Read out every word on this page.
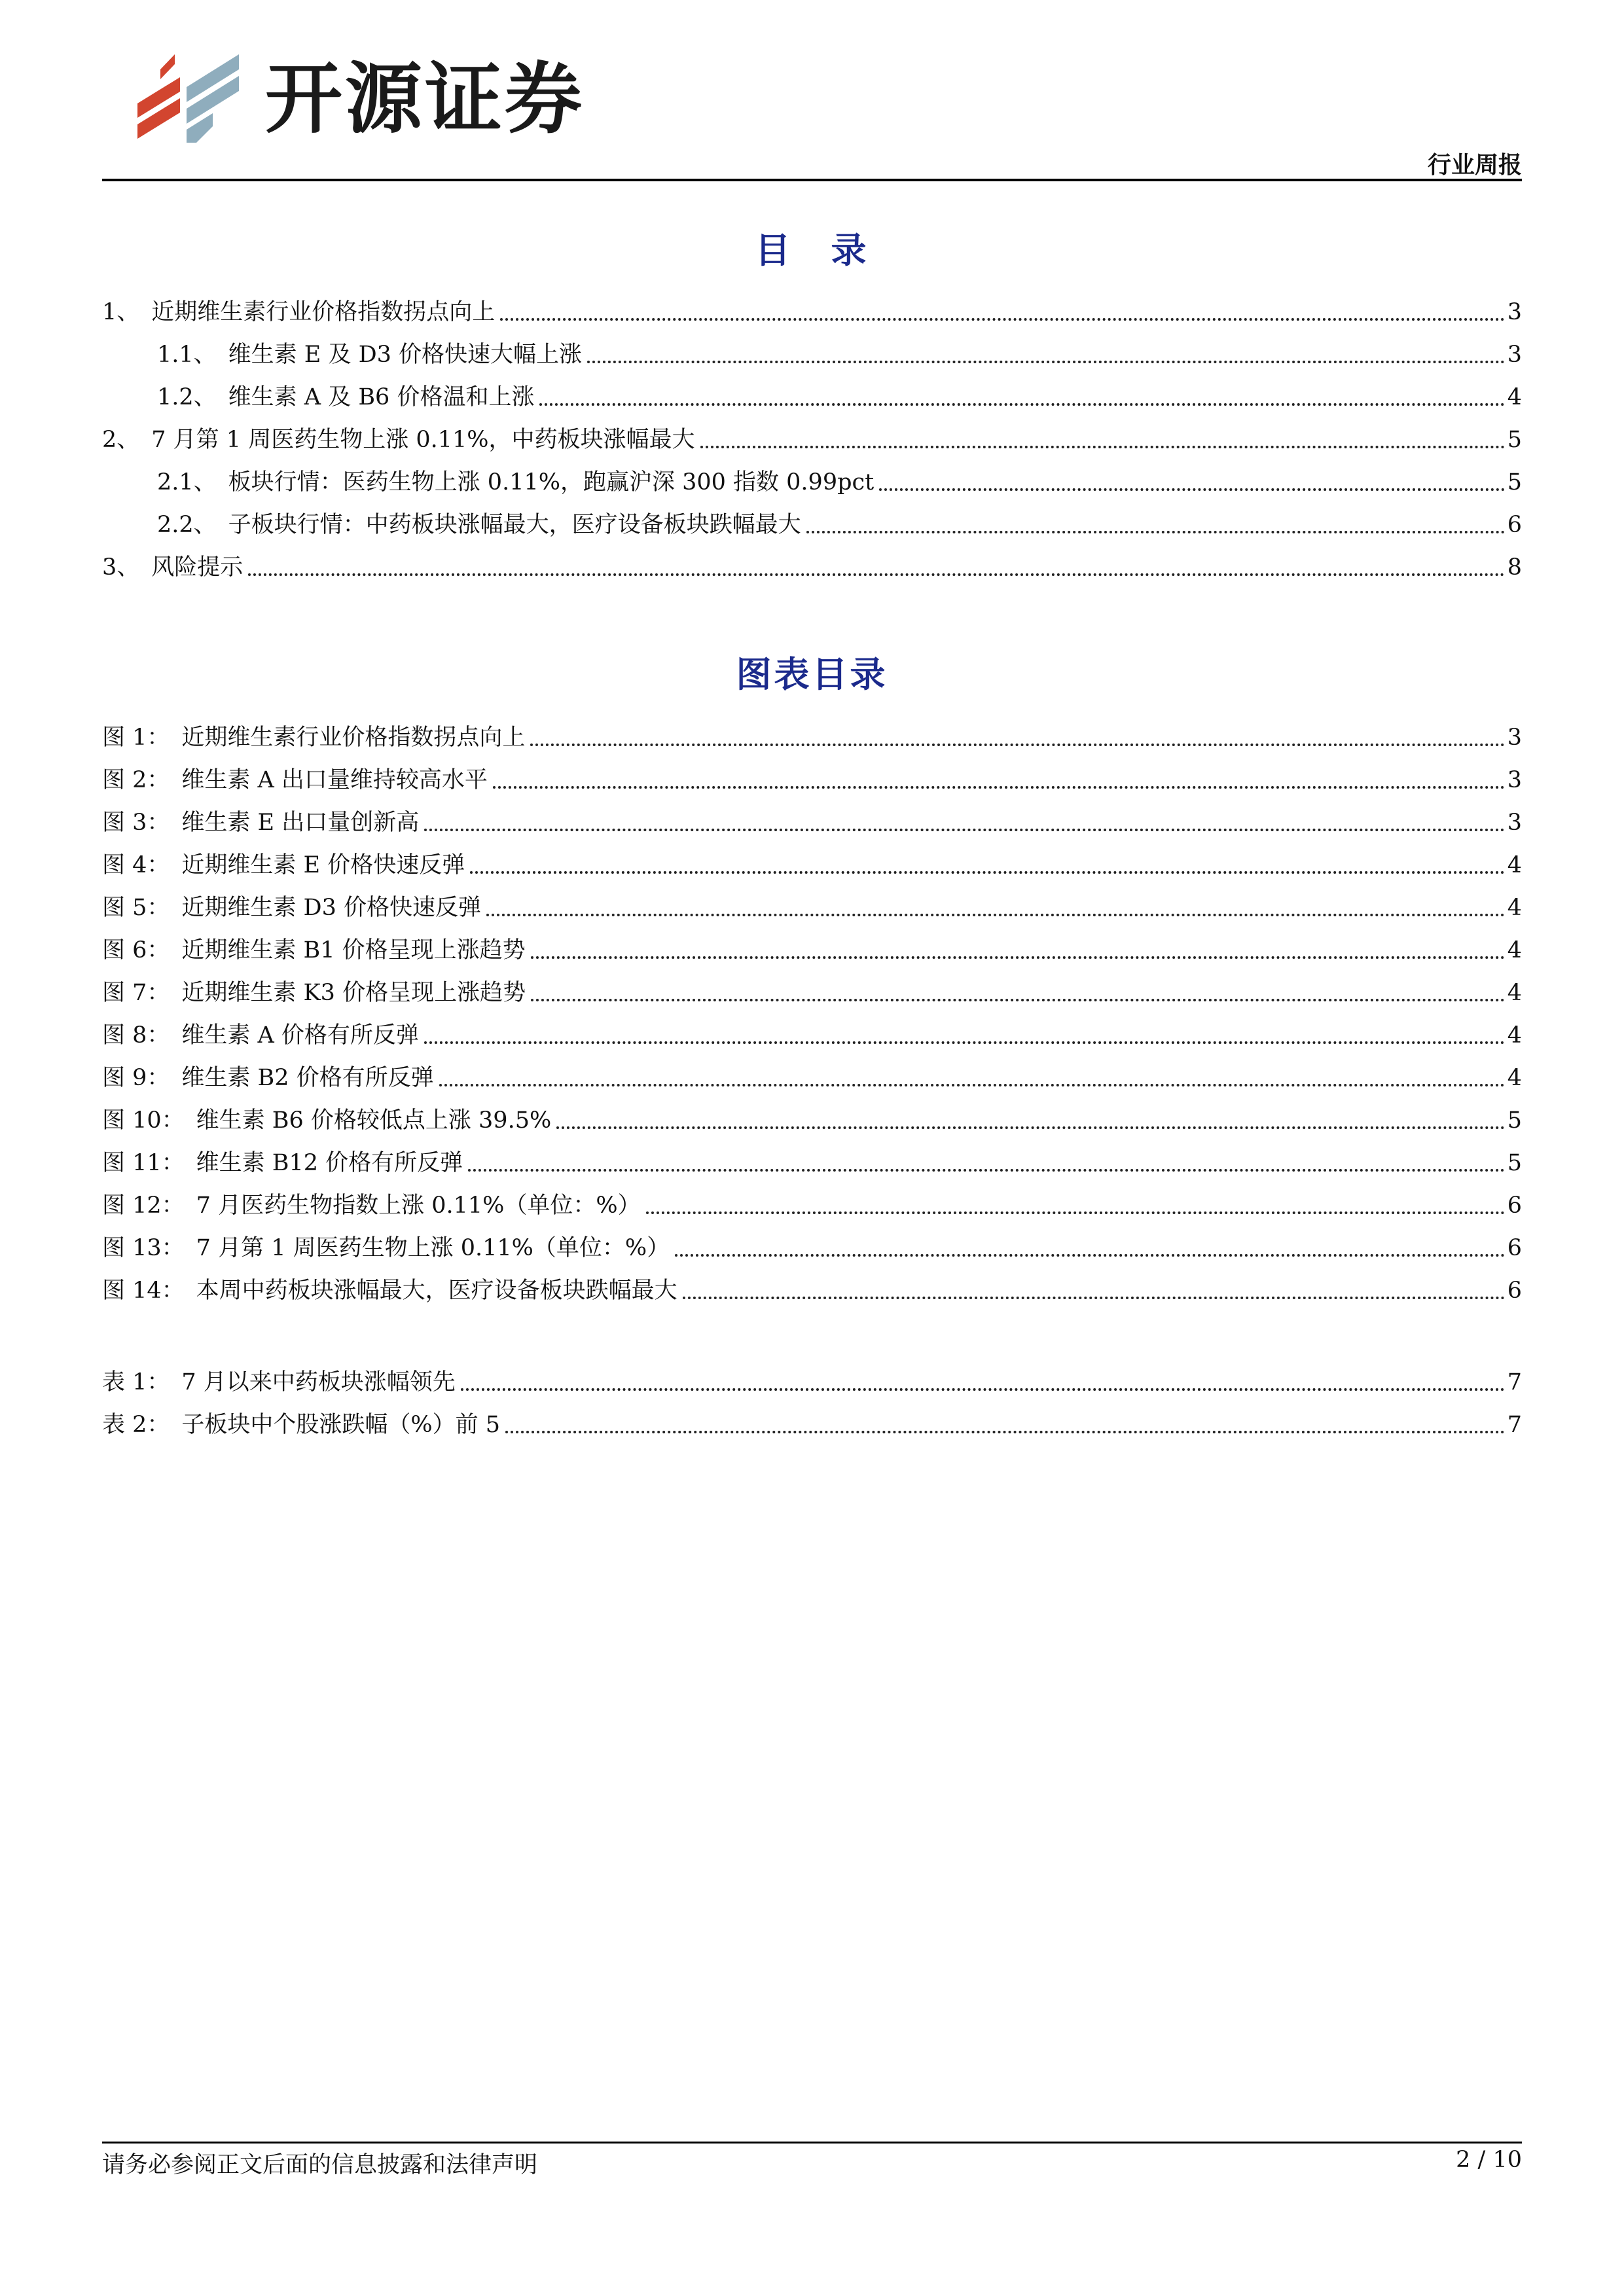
开源证券
行业周报
目　录
1、 近期维生素行业价格指数拐点向上	3
1.1、 维生素 E 及 D3 价格快速大幅上涨	3
1.2、 维生素 A 及 B6 价格温和上涨	4
2、 7 月第 1 周医药生物上涨 0.11%，中药板块涨幅最大	5
2.1、 板块行情：医药生物上涨 0.11%，跑赢沪深 300 指数 0.99pct	5
2.2、 子板块行情：中药板块涨幅最大，医疗设备板块跌幅最大	6
3、 风险提示	8
图表目录
图 1： 近期维生素行业价格指数拐点向上	3
图 2： 维生素 A 出口量维持较高水平	3
图 3： 维生素 E 出口量创新高	3
图 4： 近期维生素 E 价格快速反弹	4
图 5： 近期维生素 D3 价格快速反弹	4
图 6： 近期维生素 B1 价格呈现上涨趋势	4
图 7： 近期维生素 K3 价格呈现上涨趋势	4
图 8： 维生素 A 价格有所反弹	4
图 9： 维生素 B2 价格有所反弹	4
图 10： 维生素 B6 价格较低点上涨 39.5%	5
图 11： 维生素 B12 价格有所反弹	5
图 12： 7 月医药生物指数上涨 0.11%（单位：%）	6
图 13： 7 月第 1 周医药生物上涨 0.11%（单位：%）	6
图 14： 本周中药板块涨幅最大，医疗设备板块跌幅最大	6
表 1： 7 月以来中药板块涨幅领先	7
表 2： 子板块中个股涨跌幅（%）前 5	7
请务必参阅正文后面的信息披露和法律声明	2 / 10
